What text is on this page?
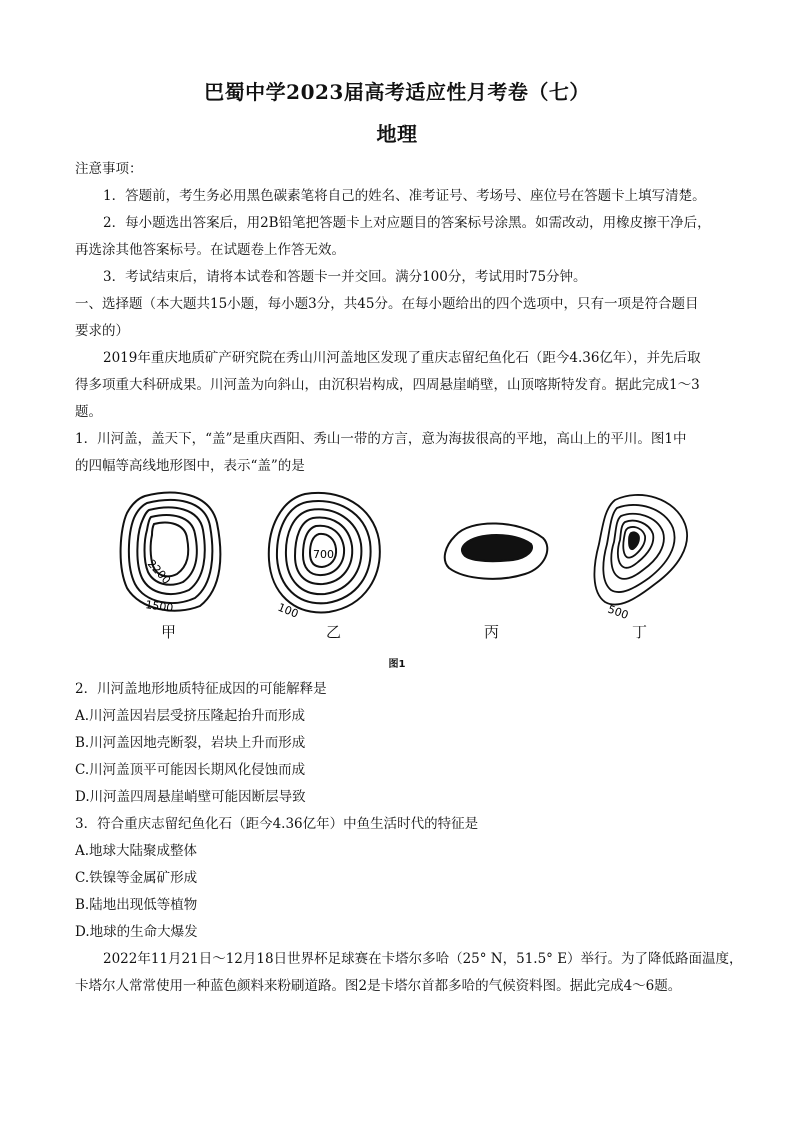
巴蜀中学2023届高考适应性月考卷（七）
地理
注意事项：
1．答题前，考生务必用黑色碳素笔将自己的姓名、准考证号、考场号、座位号在答题卡上填写清楚。
2．每小题选出答案后，用2B铅笔把答题卡上对应题目的答案标号涂黑。如需改动，用橡皮擦干净后，
再选涂其他答案标号。在试题卷上作答无效。
3．考试结束后，请将本试卷和答题卡一并交回。满分100分，考试用时75分钟。
一、选择题（本大题共15小题，每小题3分，共45分。在每小题给出的四个选项中，只有一项是符合题目
要求的）
2019年重庆地质矿产研究院在秀山川河盖地区发现了重庆志留纪鱼化石（距今4.36亿年），并先后取
得多项重大科研成果。川河盖为向斜山，由沉积岩构成，四周悬崖峭壁，山顶喀斯特发育。据此完成1～3
题。
1．川河盖，盖天下，“盖”是重庆酉阳、秀山一带的方言，意为海拔很高的平地，高山上的平川。图1中
的四幅等高线地形图中，表示“盖”的是
2200
1500
700
100	500
甲	乙	丙	丁
图1
2．川河盖地形地质特征成因的可能解释是
A.川河盖因岩层受挤压隆起抬升而形成
B.川河盖因地壳断裂，岩块上升而形成
C.川河盖顶平可能因长期风化侵蚀而成
D.川河盖四周悬崖峭壁可能因断层导致
3．符合重庆志留纪鱼化石（距今4.36亿年）中鱼生活时代的特征是
A.地球大陆聚成整体
C.铁镍等金属矿形成
B.陆地出现低等植物
D.地球的生命大爆发
2022年11月21日～12月18日世界杯足球赛在卡塔尔多哈（25° N，51.5° E）举行。为了降低路面温度，
卡塔尔人常常使用一种蓝色颜料来粉刷道路。图2是卡塔尔首都多哈的气候资料图。据此完成4～6题。
